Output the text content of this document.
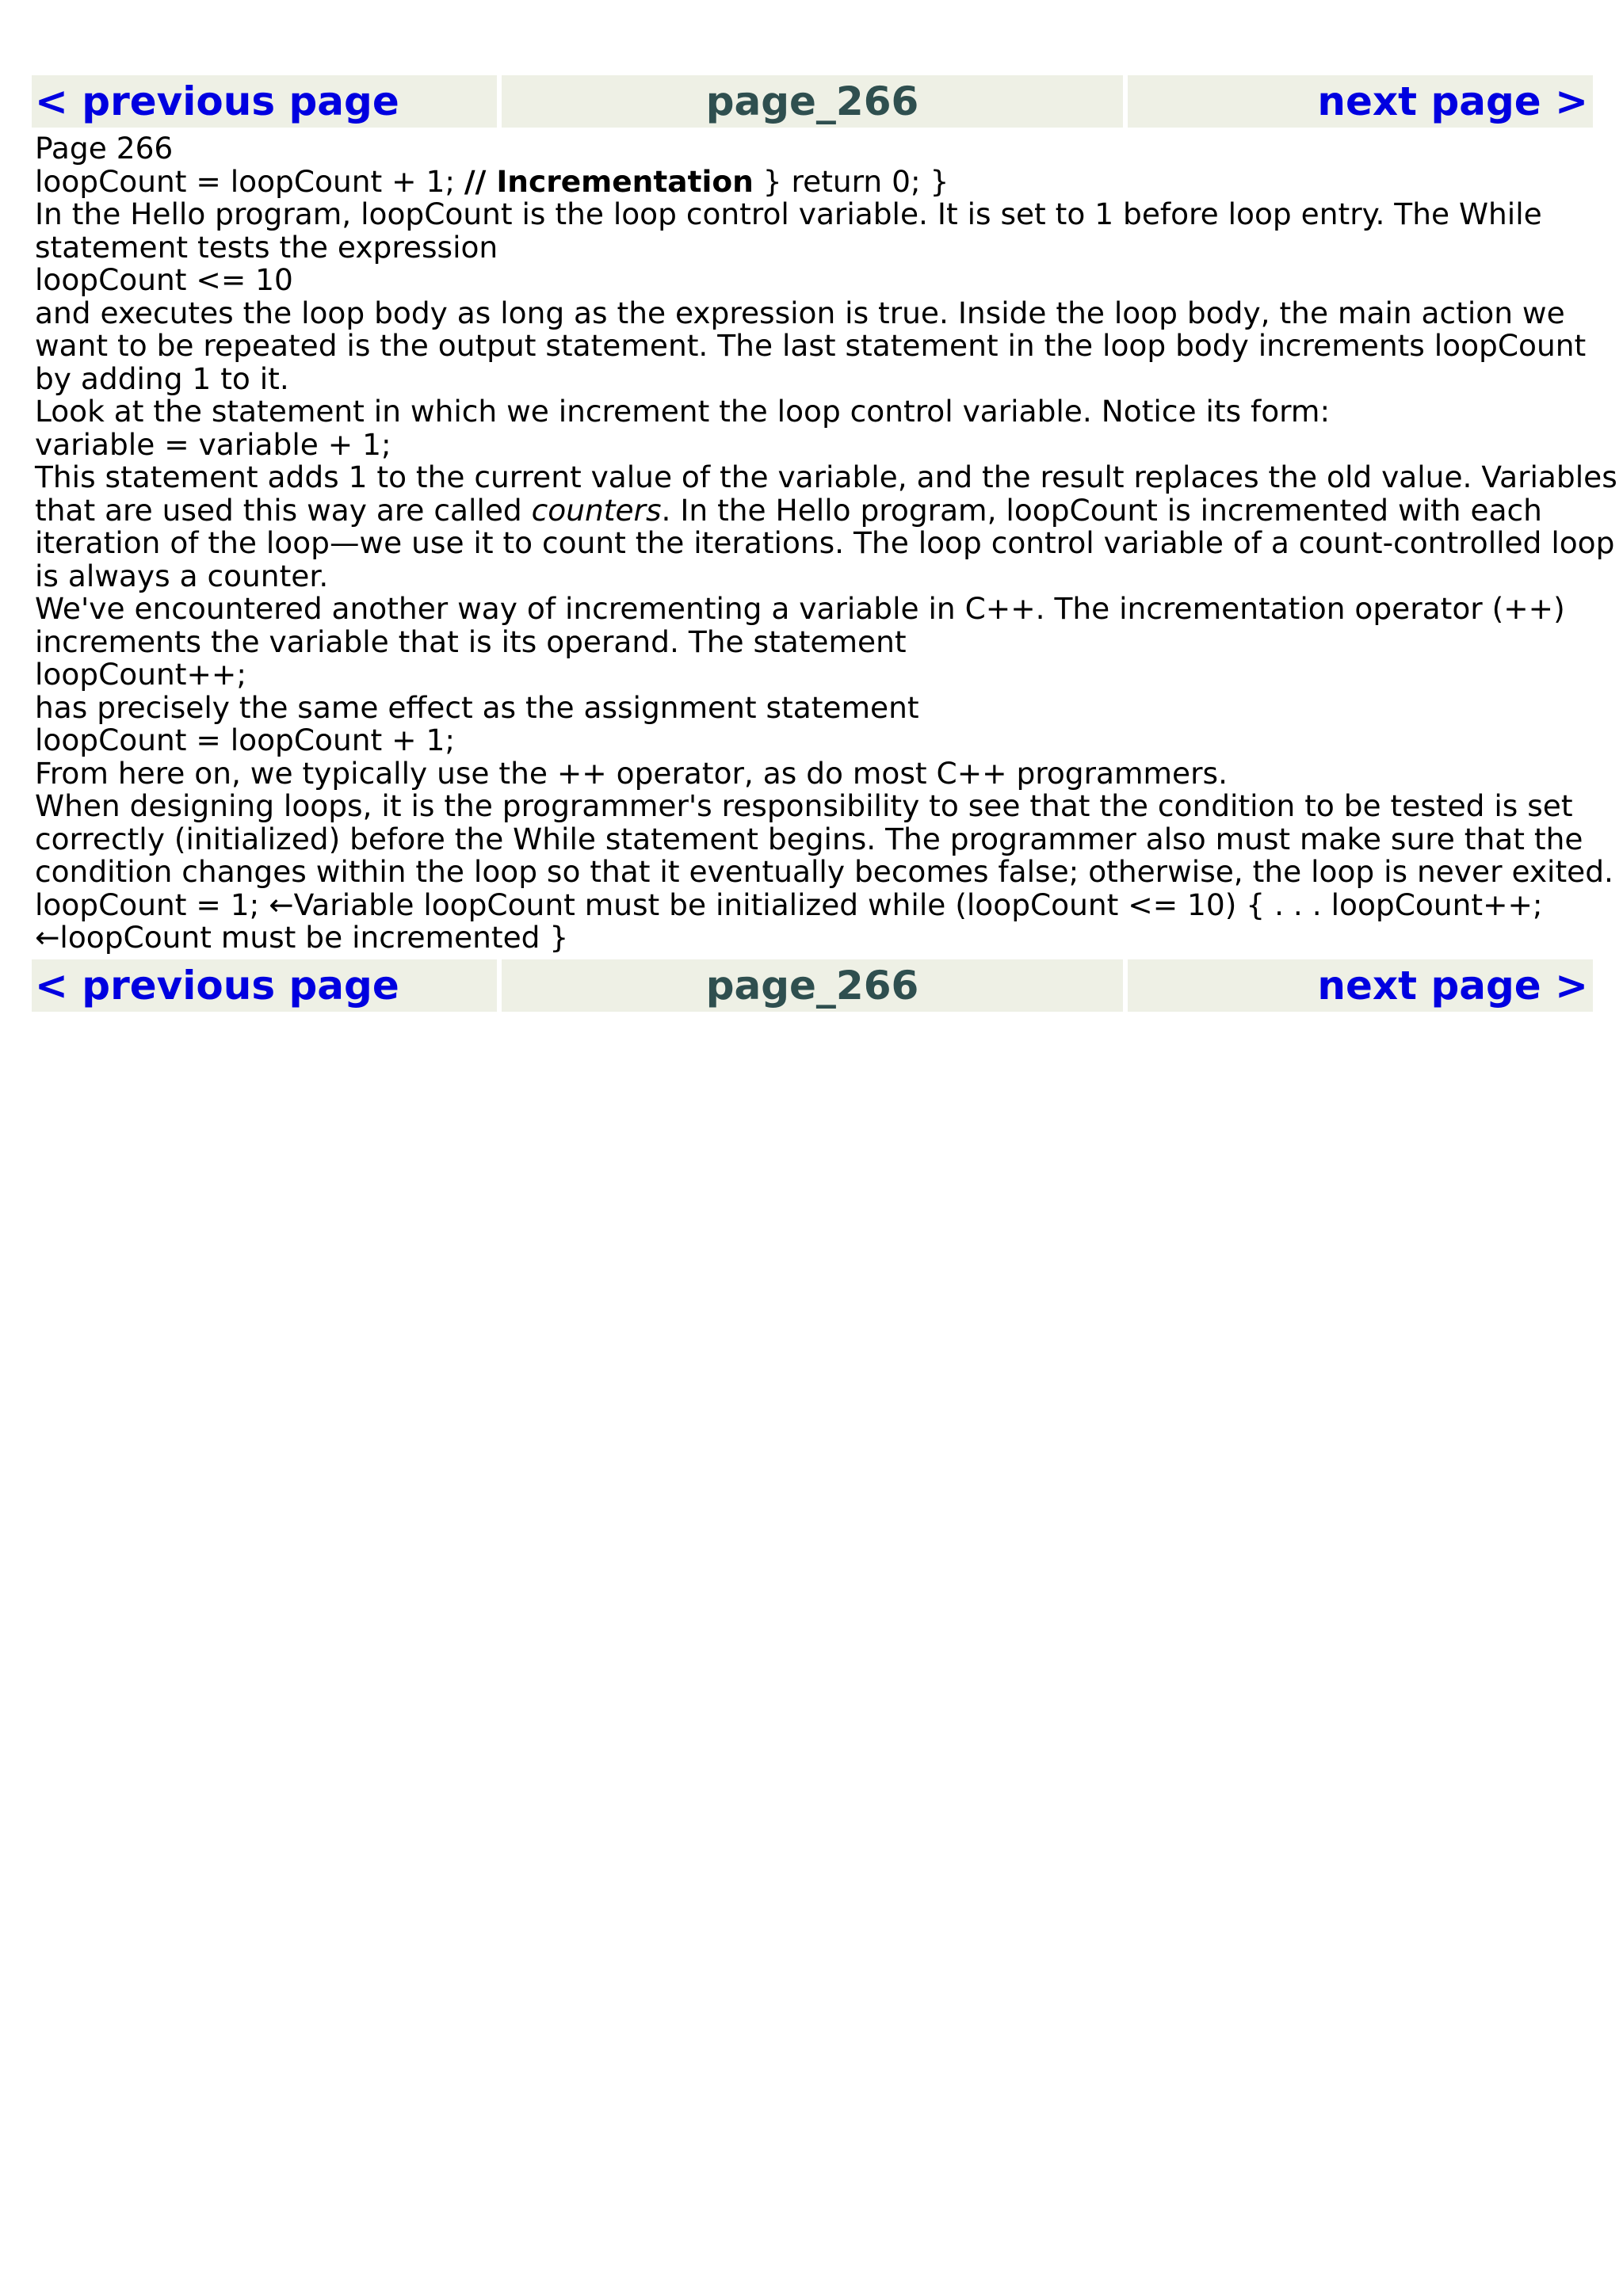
< previous page	page_266	next page >
Page 266
loopCount = loopCount + 1; // Incrementation } return 0; }
In the Hello program, loopCount is the loop control variable. It is set to 1 before loop entry. The While
statement tests the expression
loopCount <= 10
and executes the loop body as long as the expression is true. Inside the loop body, the main action we
want to be repeated is the output statement. The last statement in the loop body increments loopCount
by adding 1 to it.
Look at the statement in which we increment the loop control variable. Notice its form:
variable = variable + 1;
This statement adds 1 to the current value of the variable, and the result replaces the old value. Variables
that are used this way are called counters. In the Hello program, loopCount is incremented with each
iteration of the loop—we use it to count the iterations. The loop control variable of a count-controlled loop
is always a counter.
We've encountered another way of incrementing a variable in C++. The incrementation operator (++)
increments the variable that is its operand. The statement
loopCount++;
has precisely the same effect as the assignment statement
loopCount = loopCount + 1;
From here on, we typically use the ++ operator, as do most C++ programmers.
When designing loops, it is the programmer's responsibility to see that the condition to be tested is set
correctly (initialized) before the While statement begins. The programmer also must make sure that the
condition changes within the loop so that it eventually becomes false; otherwise, the loop is never exited.
loopCount = 1; ←Variable loopCount must be initialized while (loopCount <= 10) { . . . loopCount++;
←loopCount must be incremented }
< previous page	page_266	next page >
